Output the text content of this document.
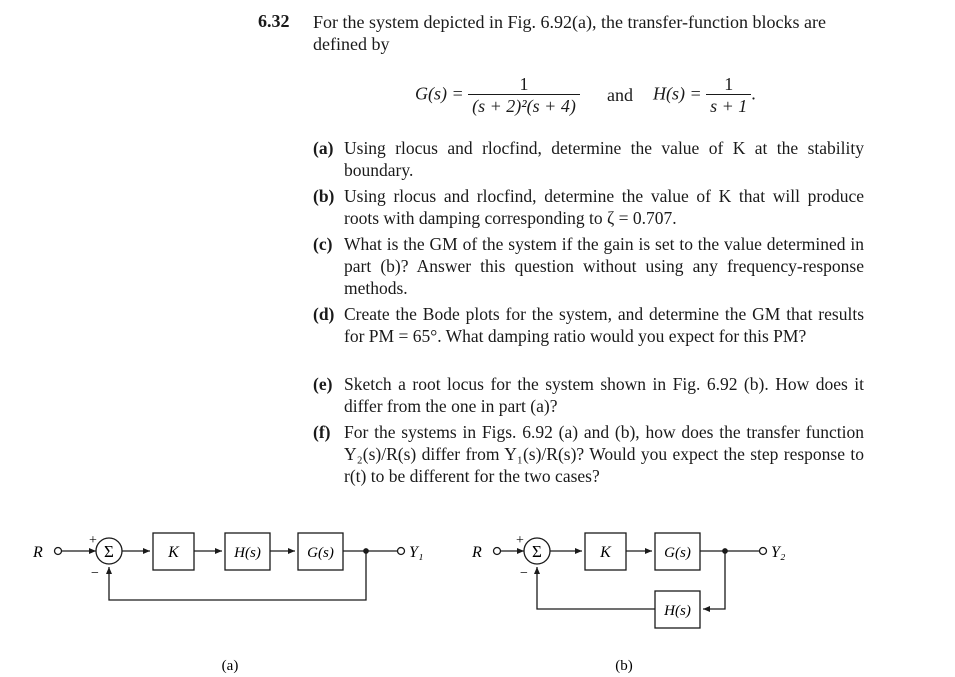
6.32 For the system depicted in Fig. 6.92(a), the transfer-function blocks are defined by
$G(s) = \frac{1}{\text{(s + 2)²(s + 4)}}$ and $H(s) = \frac{1}{s + 1}$ .
(a) Using rlocus and rlocfind, determine the value of K at the stability boundary.
(b) Using rlocus and rlocfind, determine the value of K that will produce roots with damping corresponding to ζ = 0.707.
(c) What is the GM of the system if the gain is set to the value determined in part (b)? Answer this question without using any frequency-response methods.
(d) Create the Bode plots for the system, and determine the GM that results for PM = 65°. What damping ratio would you expect for this PM?
(e) Sketch a root locus for the system shown in Fig. 6.92 (b). How does it differ from the one in part (a)?
(f) For the systems in Figs. 6.92 (a) and (b), how does the transfer function Y₂(s)/R(s) differ from Y₁(s)/R(s)? Would you expect the step response to r(t) to be different for the two cases?
R
+
−
Σ	K	H(s)	G(s)	Y₁
(a)
R
+
−
Σ	K	G(s)
H(s)
Y₂
(b)
